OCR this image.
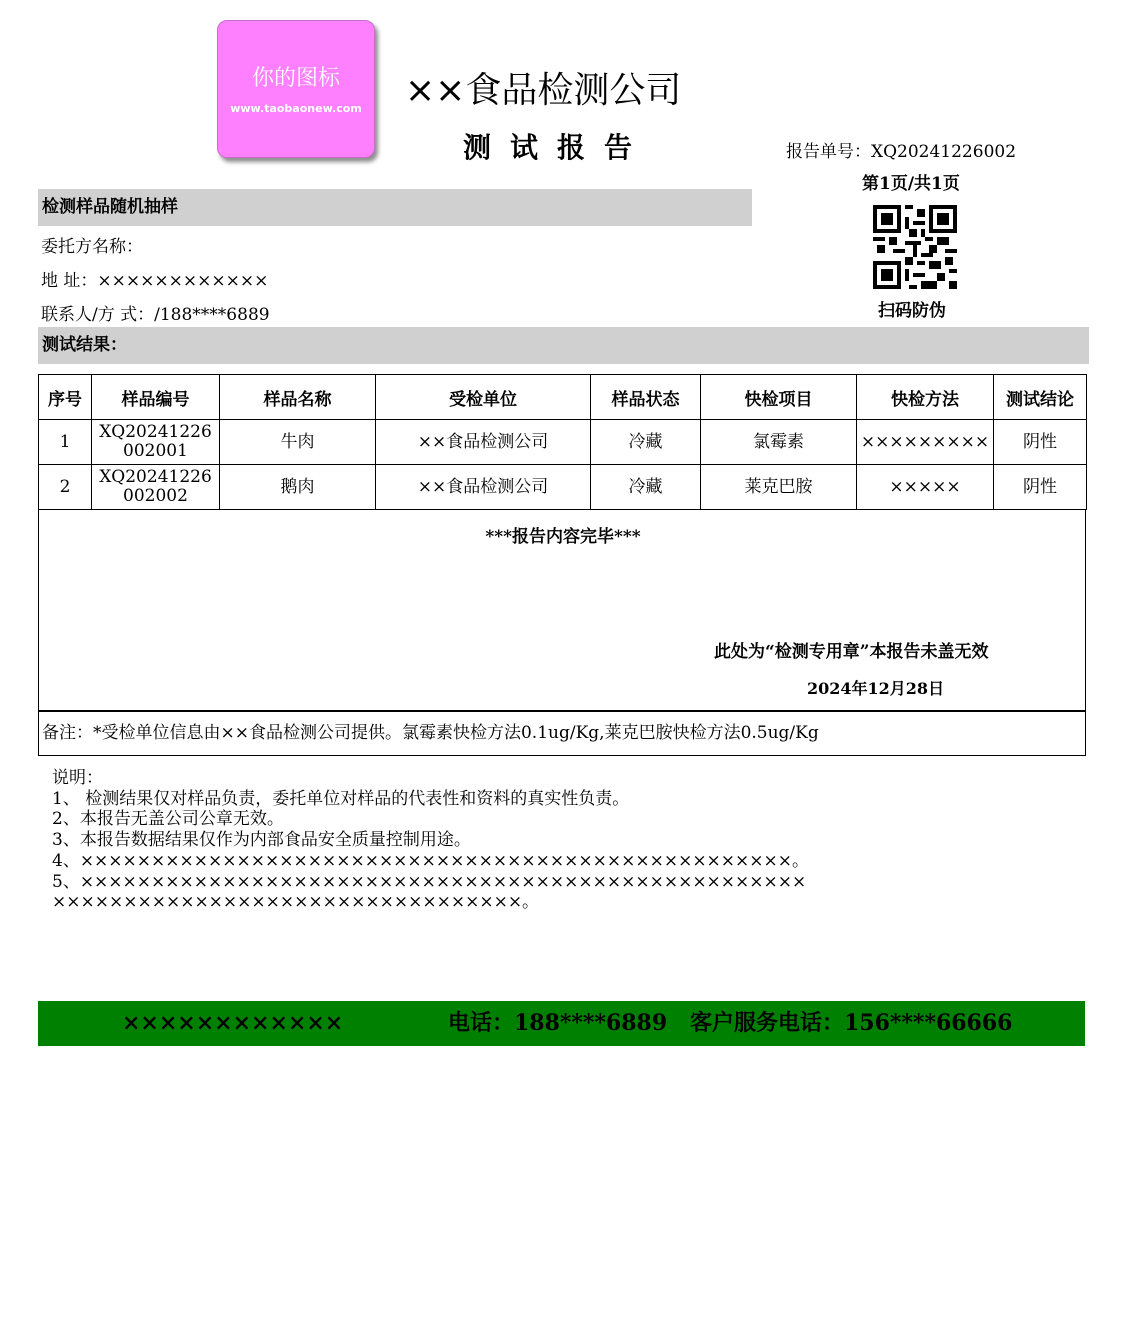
你的图标
www.taobaonew.com	××食品检测公司
测试报告	报告单号：XQ20241226002
第1页/共1页
扫码防伪
检测样品随机抽样
委托方名称：
地 址：××××××××××××
联系人/方 式：/188****6889
测试结果：
序号	样品编号	样品名称	受检单位	样品状态	快检项目	快检方法	测试结论
1	XQ20241226002001	牛肉	××食品检测公司	冷藏	氯霉素	×××××××××	阴性
2	XQ20241226002002	鹅肉	××食品检测公司	冷藏	莱克巴胺	×××××	阴性
***报告内容完毕***
此处为“检测专用章”本报告未盖无效
2024年12月28日
备注：*受检单位信息由××食品检测公司提供。氯霉素快检方法0.1ug/Kg,莱克巴胺快检方法0.5ug/Kg
说明：
1、 检测结果仅对样品负责，委托单位对样品的代表性和资料的真实性负责。
2、本报告无盖公司公章无效。
3、本报告数据结果仅作为内部食品安全质量控制用途。
4、××××××××××××××××××××××××××××××××××××××××××××××××××。
5、×××××××××××××××××××××××××××××××××××××××××××××××××××
×××××××××××××××××××××××××××××××××。
××××××××××××	电话：188****6889 客户服务电话：156****66666
